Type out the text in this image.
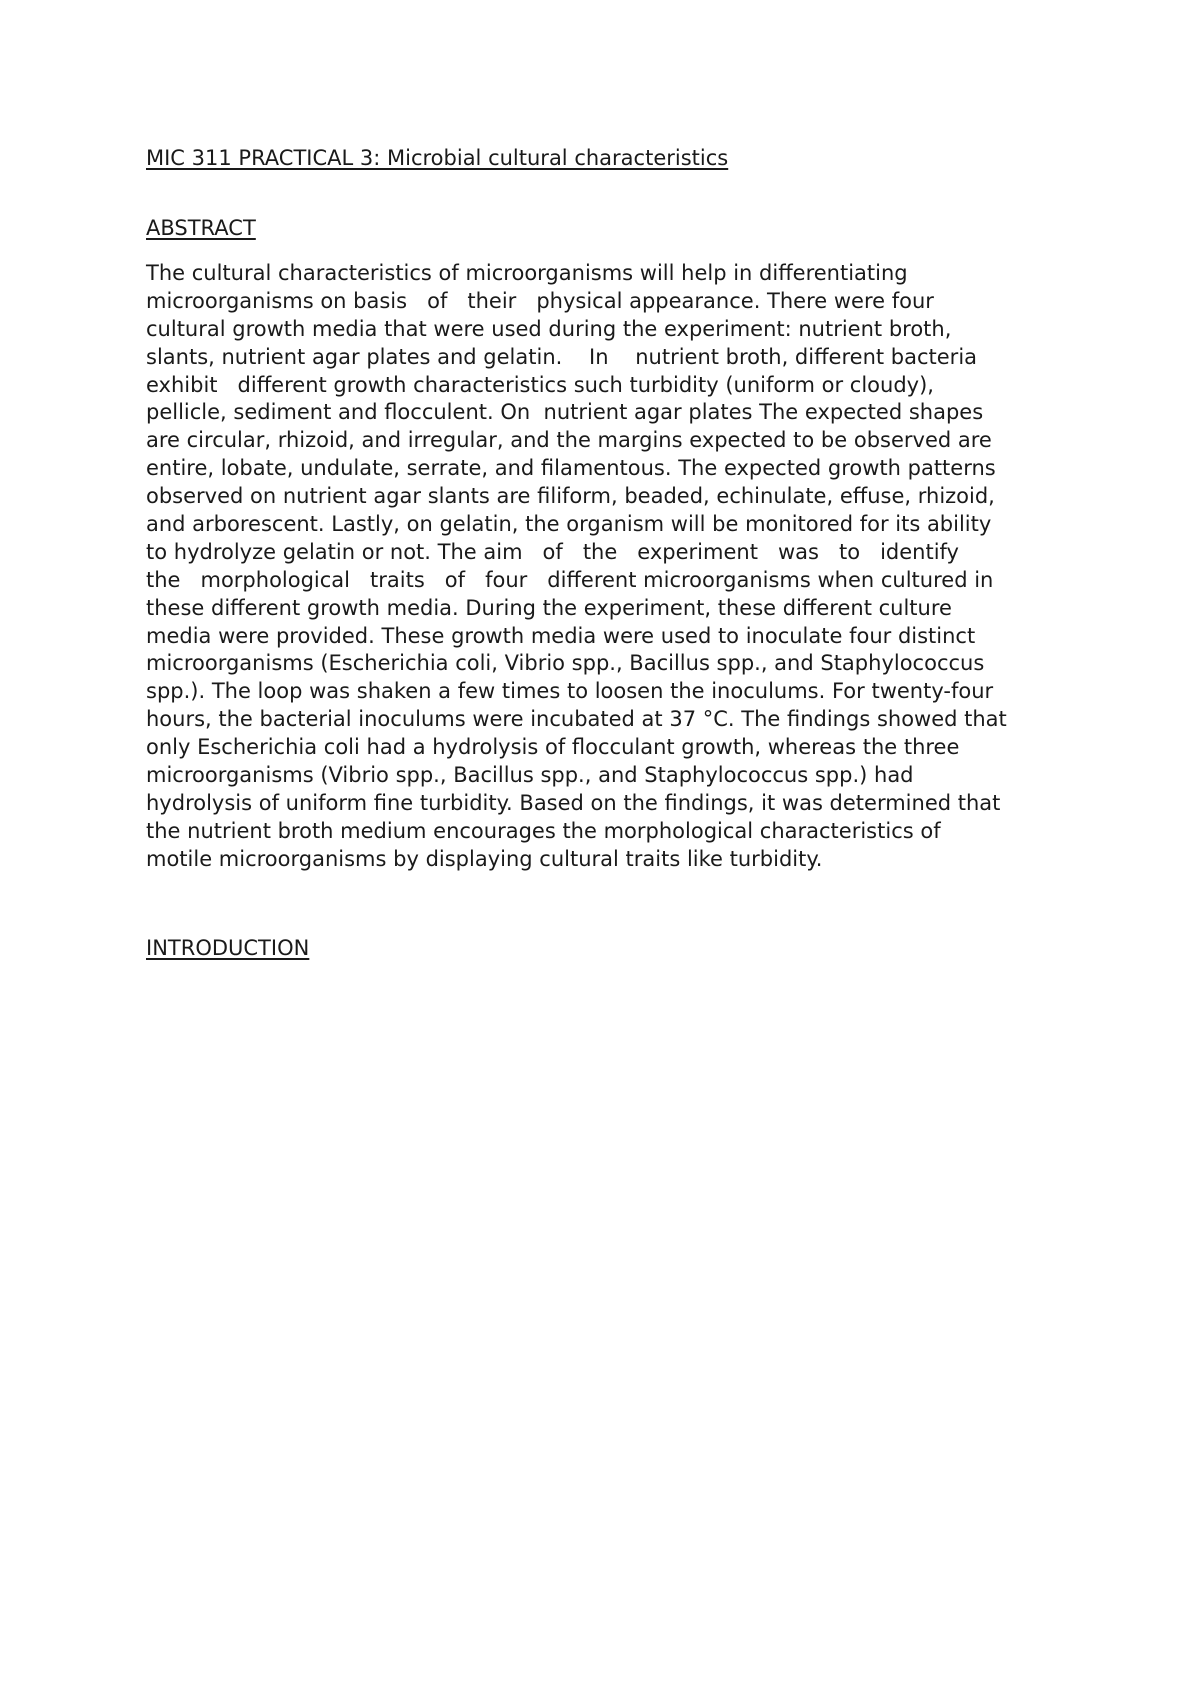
MIC 311 PRACTICAL 3: Microbial cultural characteristics
ABSTRACT
The cultural characteristics of microorganisms will help in differentiating
microorganisms on basis   of   their   physical appearance. There were four
cultural growth media that were used during the experiment: nutrient broth,
slants, nutrient agar plates and gelatin.    In    nutrient broth, different bacteria
exhibit   different growth characteristics such turbidity (uniform or cloudy),
pellicle, sediment and flocculent. On  nutrient agar plates The expected shapes
are circular, rhizoid, and irregular, and the margins expected to be observed are
entire, lobate, undulate, serrate, and filamentous. The expected growth patterns
observed on nutrient agar slants are filiform, beaded, echinulate, effuse, rhizoid,
and arborescent. Lastly, on gelatin, the organism will be monitored for its ability
to hydrolyze gelatin or not. The aim   of   the   experiment   was   to   identify
the   morphological   traits   of   four   different microorganisms when cultured in
these different growth media. During the experiment, these different culture
media were provided. These growth media were used to inoculate four distinct
microorganisms (Escherichia coli, Vibrio spp., Bacillus spp., and Staphylococcus
spp.). The loop was shaken a few times to loosen the inoculums. For twenty-four
hours, the bacterial inoculums were incubated at 37 °C. The findings showed that
only Escherichia coli had a hydrolysis of flocculant growth, whereas the three
microorganisms (Vibrio spp., Bacillus spp., and Staphylococcus spp.) had
hydrolysis of uniform fine turbidity. Based on the findings, it was determined that
the nutrient broth medium encourages the morphological characteristics of
motile microorganisms by displaying cultural traits like turbidity.
INTRODUCTION
